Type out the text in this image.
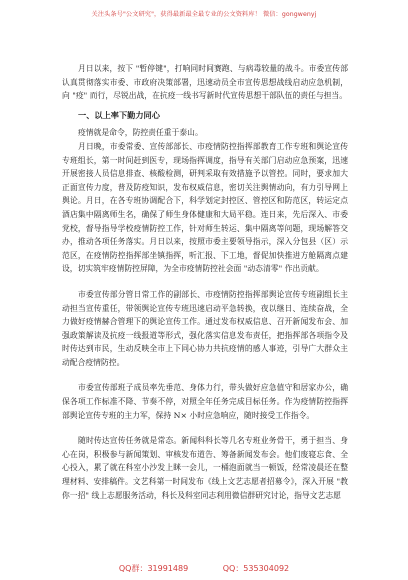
关注头条号"公文研究"，获得最新最全最专业的公文资料库！ 微信：gongwenyj

月日以来，按下 "暂停键"，打响同时间赛跑、与病毒较量的战斗。市委宣传部认真贯彻落实市委、市政府决策部署，迅速动员全市宣传思想战线启动应急机制，向 "疫" 而行，尽锐出战，在抗疫一线书写新时代宣传思想干部队伍的责任与担当。

一、以上率下勤力同心

疫情就是命令，防控责任重于泰山。

月日晚，市委常委、宣传部部长、市疫情防控指挥部教育工作专班和舆论宣传专班组长，第一时间赶到医专，现场指挥调度，指导有关部门启动应急预案，迅速开展密接人员信息排查、核酸检测，研判采取有效措施予以管控。同时，要求加大正面宣传力度，普及防疫知识，发布权威信息，密切关注舆情动向，有力引导网上舆论。月日，在各专班协调配合下，科学划定封控区、管控区和防范区，转运定点酒店集中隔离师生名，确保了师生身体健康和大局平稳。连日来，先后深入、市委党校，督导指导学校疫情防控工作，针对师生转运、集中隔离等问题，现场解答交办，推动各项任务落实。月日以来，按照市委主要领导指示，深入分包县（区）示范区，在疫情防控指挥部坐镇指挥，听汇报、下工地，督促加快推进方舱隔离点建设，切实筑牢疫情防控屏障，为全市疫情防控社会面 "动态清零" 作出贡献。

市委宣传部分管日常工作的副部长、市疫情防控指挥部舆论宣传专班副组长主动担当宣传重任，带领舆论宣传专班迅速启动平急转换，夜以继日、连续奋战，全力做好疫情赫合管理下的舆论宣传工作。通过发布权威信息、召开新闻发布会、加强政策解读及抗疫一线报道等形式，强化落实信息发布责任，把指挥部各项指令及时传达到市民，生动反映全市上下同心协力共抗疫情的感人事迹，引导广大群众主动配合疫情防控。

市委宣传部班子成员率先垂范、身体力行，带头做好应急值守和居家办公，确保各项工作标准不降、节奏不停，对照全年任务完成目标任务。作为疫情防控指挥部舆论宣传专班的主力军，保持 N× 小时应急响应，随时接受工作指令。

随时传达宣传任务就是常态。新闻科科长等几名专班业务骨干，勇于担当、身心在岗，积极参与新闻策划、审核发布道告、筹备新闻发布会。他们废寝忘食、全心投入，累了就在科室小沙发上眯一会儿，一桶泡面就当一顿饭，经常凌晨还在整理材料、安排稿件。文艺科第一时间发布《线上文艺志愿者招募令》，深入开展 "教你一招" 线上志愿服务活动，科长及科室同志利用微信群研究讨论，指导文艺志愿

QQ群：31991489	QQ：535304092
